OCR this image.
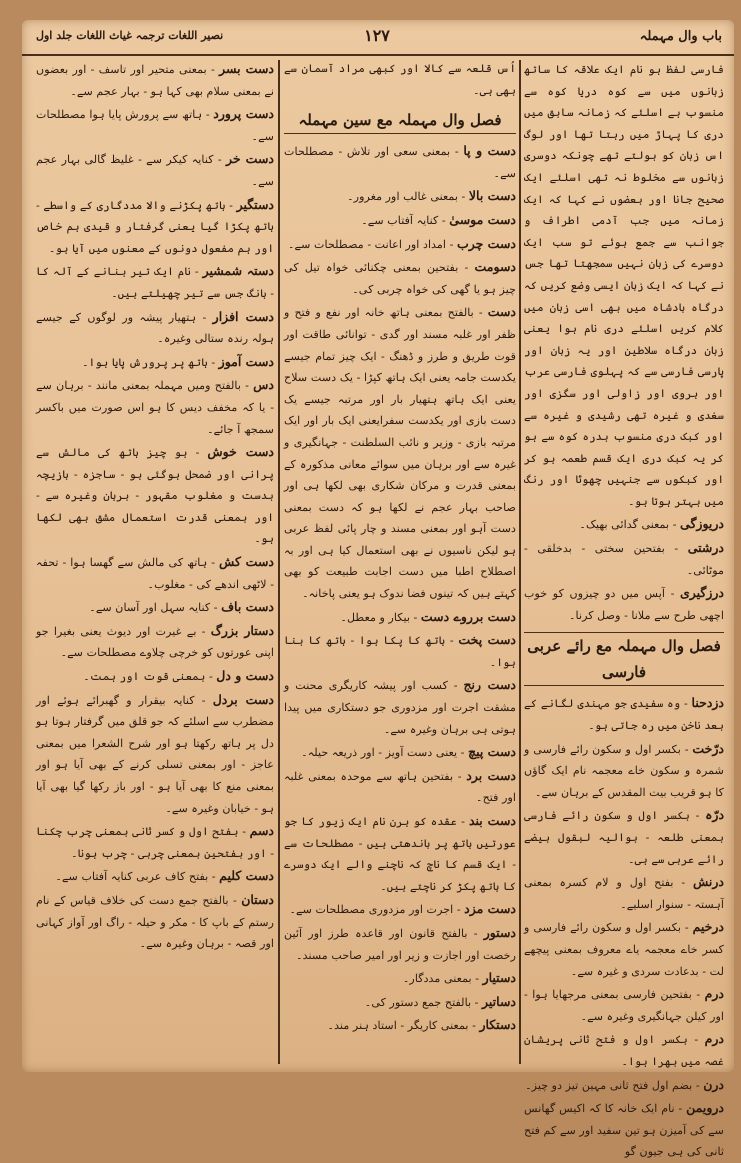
نصیر اللغات ترجمہ غیاث اللغات جلد اول	۱۲۷	باب وال مہملہ
فارسی لفظ ہو نام ایک علاقہ کا ساتھ زبانوں میں سے کوہ دریا کوہ سے منسوب ہے اسلئے کہ زمانہ سابق میں دری کا پہاڑ میں رہتا تھا اور لوگ اس زبان کو بولتے تھے چونکہ دوسری زبانوں سے مخلوط نہ تھی اسلئے ایک صحیح جانا اور بعضوں نے کہا کہ ایک زمانہ میں جب آدمی اطراف و جوانب سے جمع ہوئے تو سب ایک دوسرے کی زبان نہیں سمجھتا تھا جس نے کہا کہ ایک زبان ایسی وضع کریں کہ درگاہ بادشاہ میں بھی اسی زبان میں کلام کریں اسلئے دری نام ہوا یعنی زبان درگاہ سلاطین اور یہ زبان اور پارسی فارسی سے کہ پہلوی فارسی عرب اور ہروی اور زاولی اور سگزی اور سغدی و غیرہ تھی رشیدی و غیرہ سے اور کبک دری منسوب بدرہ کوہ سے ہو کر یہ کبک دری ایک قسم طعمہ ہو کر اور کبکوں سے جنہیں چھوٹا اور رنگ میں بہتر ہوتا ہو۔
دریوزگی - بمعنی گدائی بھیک۔
درشتی - بفتحین سختی - بدخلقی - موٹائی۔
درزگیری - آپس میں دو چیزوں کو خوب اچھی طرح سے ملانا - وصل کرنا۔
فصل وال مہملہ مع رائے عربی فارسی
دزدحنا - وہ سفیدی جو مہندی لگانے کے بعد ناخن میں رہ جاتی ہو۔
درّخت - بکسر اول و سکون رائے فارسی و شمرہ و سکون خاے معجمہ نام ایک گاؤں کا ہو قریب بیت المقدس کے برہان سے۔
درّہ - بکسر اول و سکون رائے فارسی بمعنی طلعہ - بوالیہ لبقول بیضے رائے عربی سے ہی۔
درنش - بفتح اول و لام کسرہ بمعنی آہستہ - سنوار اسلیے۔
درخیم - بکسر اول و سکون رائے فارسی و کسر خاے معجمہ یاے معروف بمعنی پیچھے لت - بدعادت سردی و غیرہ سے۔
درم - بفتحین فارسی بمعنی مرجھایا ہوا - اور کیلن جہانگیری وغیرہ سے۔
درم - بکسر اول و فتح ثانی پریشان غصہ میں بھرا ہوا۔
درن - بضم اول فتح ثانی مہین تیز دو چیز۔
درویمن - نام ایک خانہ کا کہ اکیس گھانس سے کی آمیزن ہو تین سفید اور سے کم فتح ثانی کی ہی جیون گو
اُس قلعہ سے کالا اور کبھی مراد آسمان سے بھی ہی۔
فصل وال مہملہ مع سین مہملہ
دست و پا - بمعنی سعی اور تلاش - مصطلحات سے۔
دست بالا - بمعنی غالب اور مغرور۔
دست موسیٰ - کنایہ آفتاب سے۔
دست چرب - امداد اور اعانت - مصطلحات سے۔
دسومت - بفتحین بمعنی چکنائی خواہ تیل کی چیز ہو یا گھی کی خواہ چربی کی۔
دست - بالفتح بمعنی ہاتھ خانہ اور نفع و فتح و ظفر اور غلبہ مسند اور گدی - توانائی طاقت اور قوت طریق و طرز و ڈھنگ - ایک چیز تمام جیسے یکدست جامہ یعنی ایک ہاتھ کپڑا - یک دست سلاح یعنی ایک ہاتھ ہتھیار بار اور مرتبہ جیسے یک دست بازی اور یکدست سفرایعنی ایک بار اور ایک مرتبہ بازی - وزیر و نائب السلطنت - جہانگیری و غیرہ سے اور برہان میں سوائے معانی مذکورہ کے بمعنی قدرت و مرکان شکاری بھی لکھا ہی اور صاحب بہار عجم نے لکھا ہو کہ دست بمعنی دست آہو اور بمعنی مسند و چار پائی لفظ عربی ہو لیکن ناسیوں نے بھی استعمال کیا ہی اور بہ اصطلاح اطبا میں دست اجابت طبیعت کو بھی کہتے ہیں کہ تینوں فضا ندوک ہو یعنی پاخانہ۔
دست برروے دست - بیکار و معطل۔
دست پخت - ہاتھ کا پکا ہوا - ہاتھ کا بنا ہوا۔
دست رنج - کسب اور پیشہ کاریگری محنت و مشقت اجرت اور مزدوری جو دستکاری میں پیدا ہوتی ہی برہان وغیرہ سے۔
دست پیچ - یعنی دست آویز - اور ذریعہ حیلہ۔
دست برد - بفتحین ہاتھ سے موحدہ بمعنی غلبہ اور فتح۔
دست بند - عقدہ کو ہرن نام ایک زیور کا جو عورتیں ہاتھ پر باندھتی ہیں - مصطلحات سے - ایک قسم کا ناچ کہ ناچنے والے ایک دوسرے کا ہاتھ پکڑ کر ناچتے ہیں۔
دست مزد - اجرت اور مزدوری مصطلحات سے۔
دستور - بالفتح قانون اور قاعدہ طرز اور آئین رخصت اور اجازت و زیر اور امیر صاحب مسند۔
دستیار - بمعنی مددگار۔
دساتیر - بالفتح جمع دستور کی۔
دستکار - بمعنی کاریگر - استاد ہنر مند۔
دست بسر - بمعنی متحیر اور تاسف - اور بعضوں نے بمعنی سلام بھی کہا ہو - بہار عجم سے۔
دست پرورد - ہاتھ سے پرورش پایا ہوا مصطلحات سے۔
دست خر - کنایہ کیکر سے - غلیظ گالی بہار عجم سے۔
دستگیر - ہاتھ پکڑنے والا مددگاری کے واسطے - ہاتھ پکڑا گیا یعنی گرفتار و قیدی ہم خاص اور ہم مفعول دونوں کے معنوں میں آیا ہو۔
دستہ شمشیر - نام ایک تیر بنانے کے آلہ کا - بانگ جس سے تیر چھیلتے ہیں۔
دست افزار - ہتھیار پیشہ ور لوگوں کے جیسے ہولہ رندہ ستالی وغیرہ۔
دست آموز - ہاتھ پر پرورش پایا ہوا۔
دس - بالفتح ومیں مہملہ بمعنی مانند - برہان سے - یا کہ مخفف دیس کا ہو اس صورت میں باکسر سمجھ آ جائے۔
دست خوش - ہو چیز ہاتھ کی مالش سے پرانی اور ضمحل ہوگئی ہو - ساجزہ - بازیچہ بدست و مغلوب مقہور - برہان وغیرہ سے - اور بمعنی قدرت استعمال مشق بھی لکھا ہو۔
دست کش - ہاتھ کی مالش سے گھسا ہوا - تحفہ - لاٹھی اندھے کی - مغلوب۔
دست باف - کنایہ سہل اور آسان سے۔
دستار بزرگ - بے غیرت اور دیوث یعنی بغیرا جو اپنی عورتوں کو خرچی چلاوے مصطلحات سے۔
دست و دل - بمعنی قوت اور ہمت۔
دست بردل - کنایہ بیقرار و گھبرائے ہوئے اور مضطرب سے اسلئے کہ جو قلق میں گرفتار ہوتا ہو دل پر ہاتھ رکھتا ہو اور شرح الشعرا میں بمعنی عاجز - اور بمعنی تسلی کرنے کے بھی آیا ہو اور بمعنی منع کا بھی آیا ہو - اور باز رکھا گیا بھی آیا ہو - خیابان وغیرہ سے۔
دسم - بفتح اول و کسر ثانی بمعنی چرب چکنا - اور بفتحین بمعنی چربی - چرب ہونا۔
دست کلیم - بفتح کاف عربی کنایہ آفتاب سے۔
دستان - بالفتح جمع دست کی خلاف قیاس کے نام رستم کے باپ کا - مکر و حیلہ - راگ اور آواز کہانی اور قصہ - برہان وغیرہ سے۔
